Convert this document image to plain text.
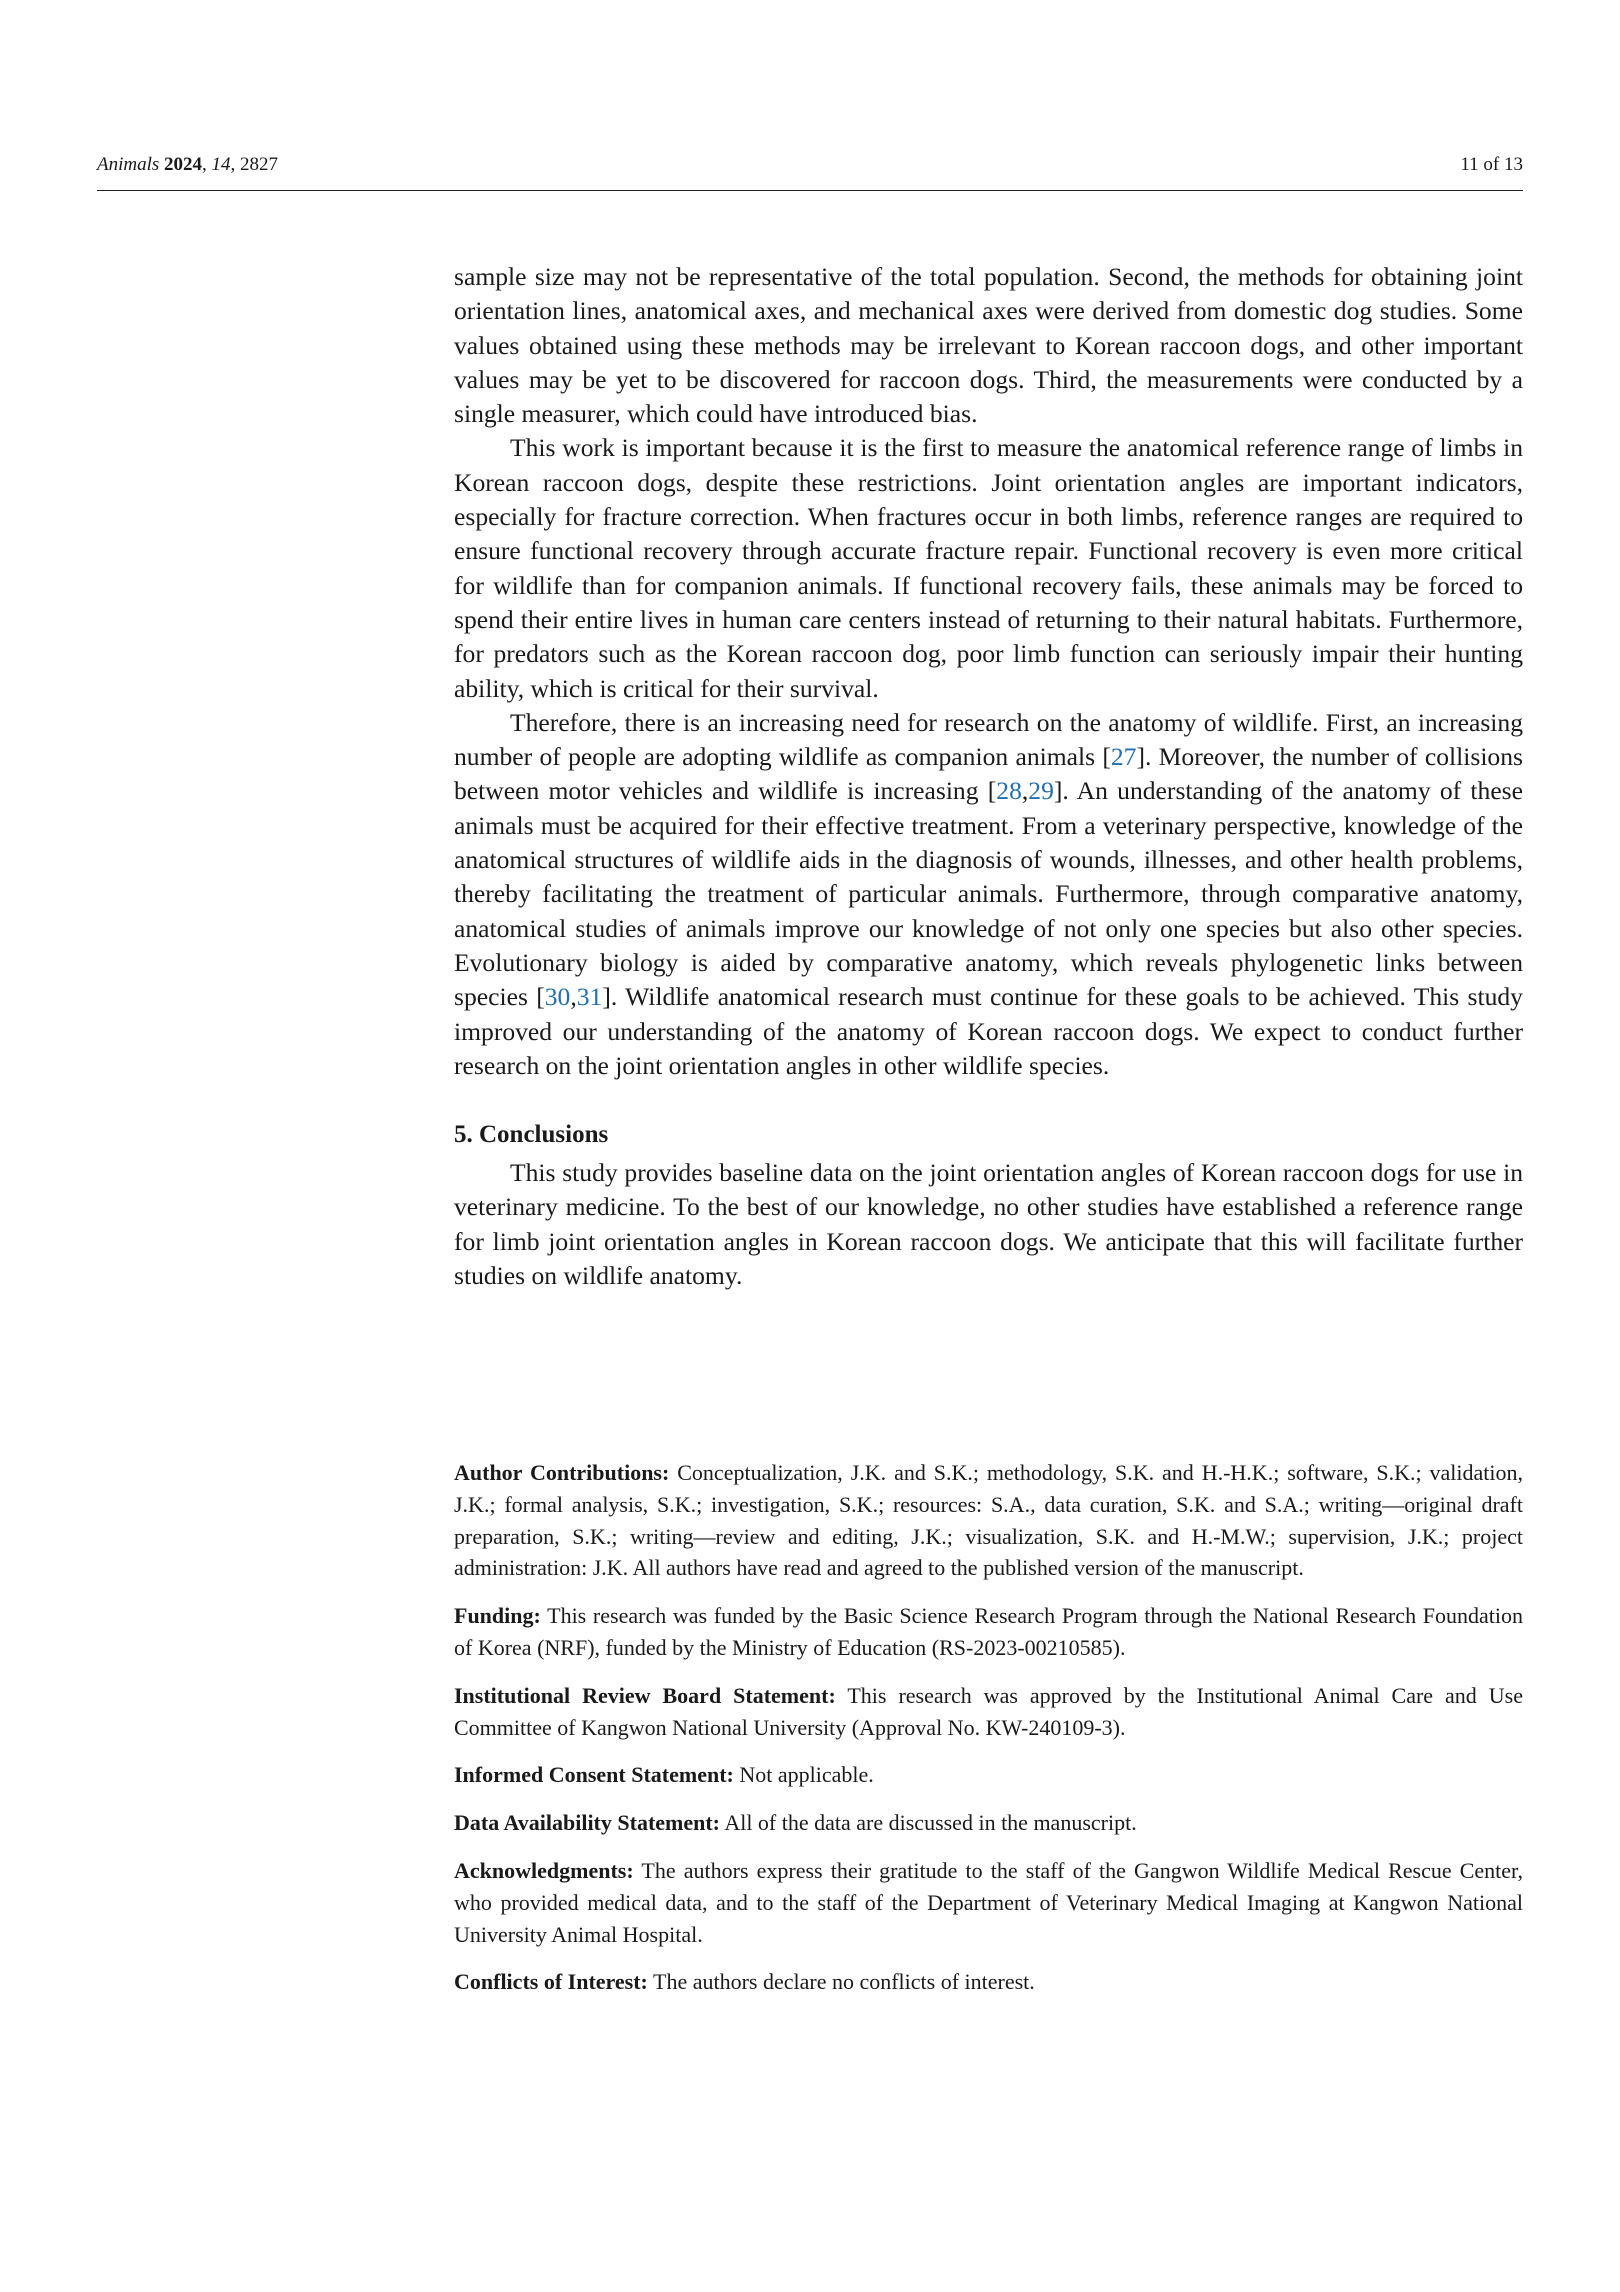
Animals 2024, 14, 2827	11 of 13

sample size may not be representative of the total population. Second, the methods for obtaining joint orientation lines, anatomical axes, and mechanical axes were derived from domestic dog studies. Some values obtained using these methods may be irrelevant to Korean raccoon dogs, and other important values may be yet to be discovered for raccoon dogs. Third, the measurements were conducted by a single measurer, which could have introduced bias.

This work is important because it is the first to measure the anatomical reference range of limbs in Korean raccoon dogs, despite these restrictions. Joint orientation angles are important indicators, especially for fracture correction. When fractures occur in both limbs, reference ranges are required to ensure functional recovery through accurate fracture repair. Functional recovery is even more critical for wildlife than for companion animals. If functional recovery fails, these animals may be forced to spend their entire lives in human care centers instead of returning to their natural habitats. Furthermore, for predators such as the Korean raccoon dog, poor limb function can seriously impair their hunting ability, which is critical for their survival.

Therefore, there is an increasing need for research on the anatomy of wildlife. First, an increasing number of people are adopting wildlife as companion animals [27]. Moreover, the number of collisions between motor vehicles and wildlife is increasing [28,29]. An understanding of the anatomy of these animals must be acquired for their effective treatment. From a veterinary perspective, knowledge of the anatomical structures of wildlife aids in the diagnosis of wounds, illnesses, and other health problems, thereby facilitating the treatment of particular animals. Furthermore, through comparative anatomy, anatomical studies of animals improve our knowledge of not only one species but also other species. Evolutionary biology is aided by comparative anatomy, which reveals phylogenetic links between species [30,31]. Wildlife anatomical research must continue for these goals to be achieved. This study improved our understanding of the anatomy of Korean raccoon dogs. We expect to conduct further research on the joint orientation angles in other wildlife species.

5. Conclusions

This study provides baseline data on the joint orientation angles of Korean raccoon dogs for use in veterinary medicine. To the best of our knowledge, no other studies have established a reference range for limb joint orientation angles in Korean raccoon dogs. We anticipate that this will facilitate further studies on wildlife anatomy.

Author Contributions: Conceptualization, J.K. and S.K.; methodology, S.K. and H.-H.K.; software, S.K.; validation, J.K.; formal analysis, S.K.; investigation, S.K.; resources: S.A., data curation, S.K. and S.A.; writing—original draft preparation, S.K.; writing—review and editing, J.K.; visualization, S.K. and H.-M.W.; supervision, J.K.; project administration: J.K. All authors have read and agreed to the published version of the manuscript.

Funding: This research was funded by the Basic Science Research Program through the National Research Foundation of Korea (NRF), funded by the Ministry of Education (RS-2023-00210585).

Institutional Review Board Statement: This research was approved by the Institutional Animal Care and Use Committee of Kangwon National University (Approval No. KW-240109-3).

Informed Consent Statement: Not applicable.

Data Availability Statement: All of the data are discussed in the manuscript.

Acknowledgments: The authors express their gratitude to the staff of the Gangwon Wildlife Medical Rescue Center, who provided medical data, and to the staff of the Department of Veterinary Medical Imaging at Kangwon National University Animal Hospital.

Conflicts of Interest: The authors declare no conflicts of interest.
